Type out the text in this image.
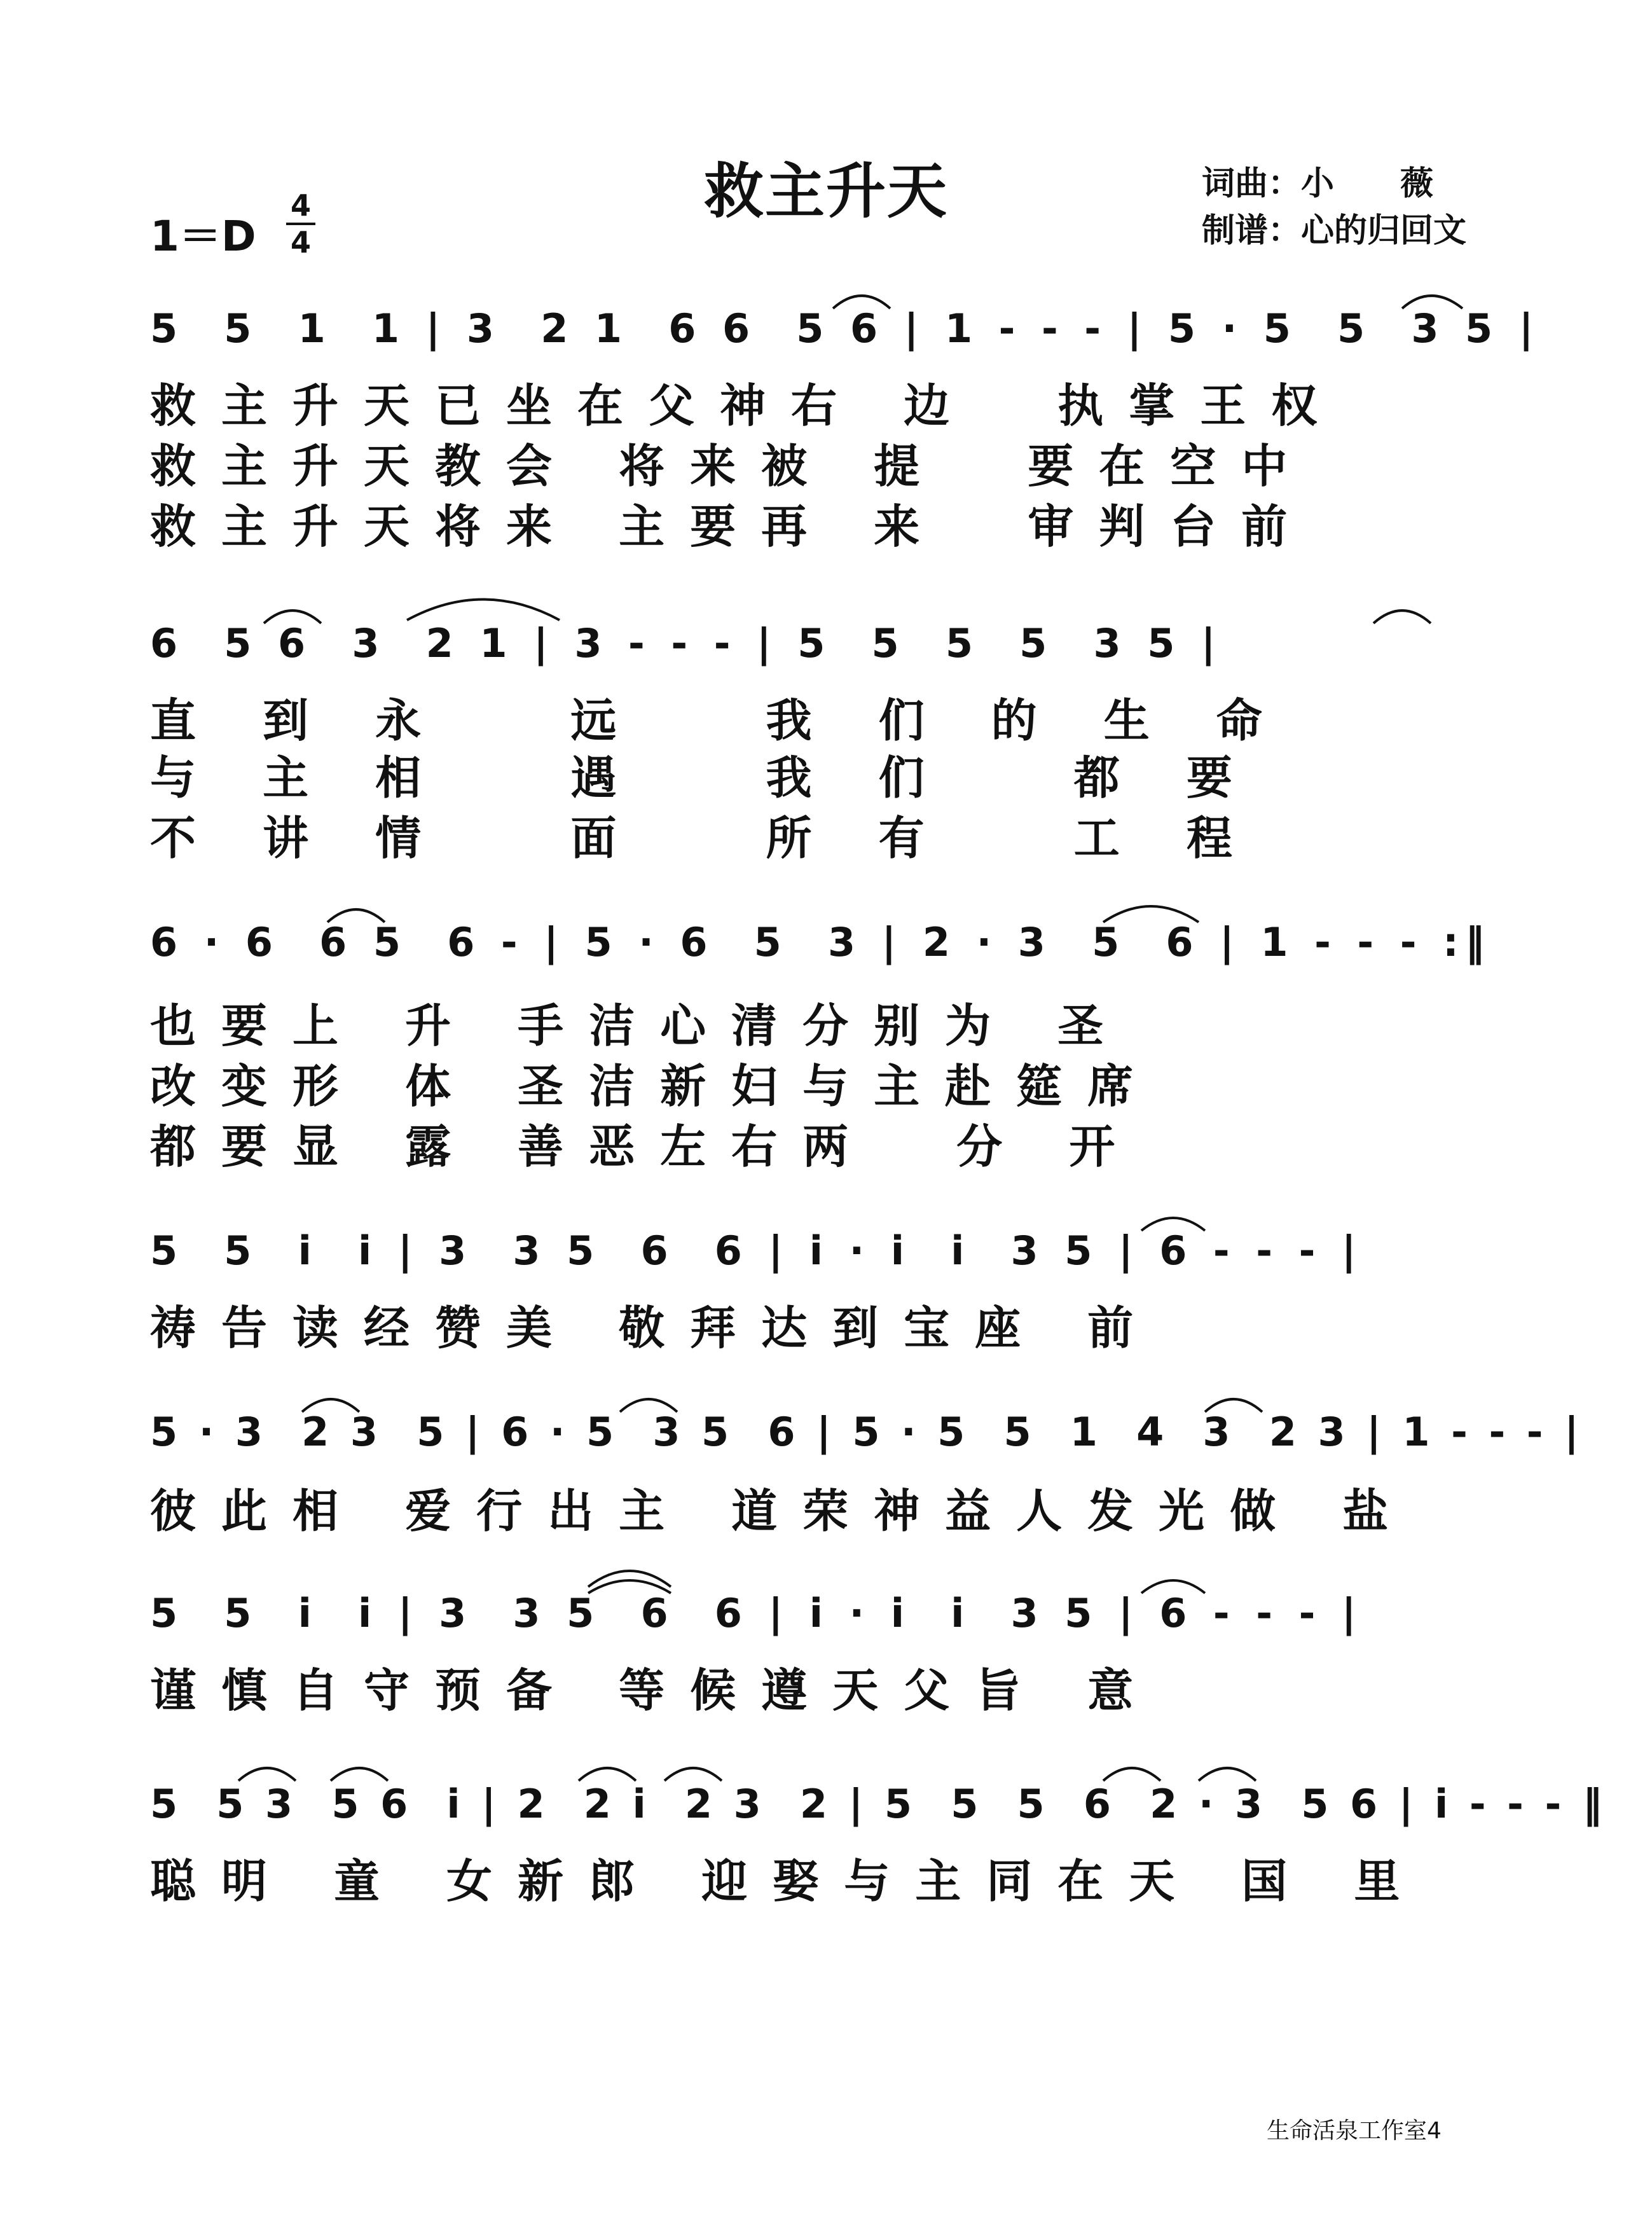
救主升天
1＝D
4
4
词曲：小　　薇
制谱：心的归回文
5  5  1  1 | 3  2 1  6 6  5 6 | 1 - - - | 5 · 5  5  3 5 |
救主升天已坐在父神右 边  执掌王权
救主升天教会 将来被 提  要在空中
救主升天将来 主要再 来  审判台前
6  5 6  3  2 1 | 3 - - - | 5  5  5  5  3 5 |
直 到 永   远   我 们 的 生 命
与 主 相   遇   我 们   都 要
不 讲 情   面   所 有   工 程
6 · 6  6 5  6 - | 5 · 6  5  3 | 2 · 3  5  6 | 1 - - - :‖
也要上 升 手洁心清分别为 圣
改变形 体 圣洁新妇与主赴筵席
都要显 露 善恶左右两  分 开
5  5  i  i | 3  3 5  6  6 | i · i  i  3 5 | 6 - - - |
祷告读经赞美 敬拜达到宝座 前
5 · 3  2 3  5 | 6 · 5  3 5  6 | 5 · 5  5  1  4  3  2 3 | 1 - - - |
彼此相 爱行出主 道荣神益人发光做 盐
5  5  i  i | 3  3 5  6  6 | i · i  i  3 5 | 6 - - - |
谨慎自守预备 等候遵天父旨 意
5  5 3  5 6  i | 2  2 i  2 3  2 | 5  5  5  6  2 · 3  5 6 | i - - - ‖
聪明 童 女新郎 迎娶与主同在天 国 里
生命活泉工作室4
